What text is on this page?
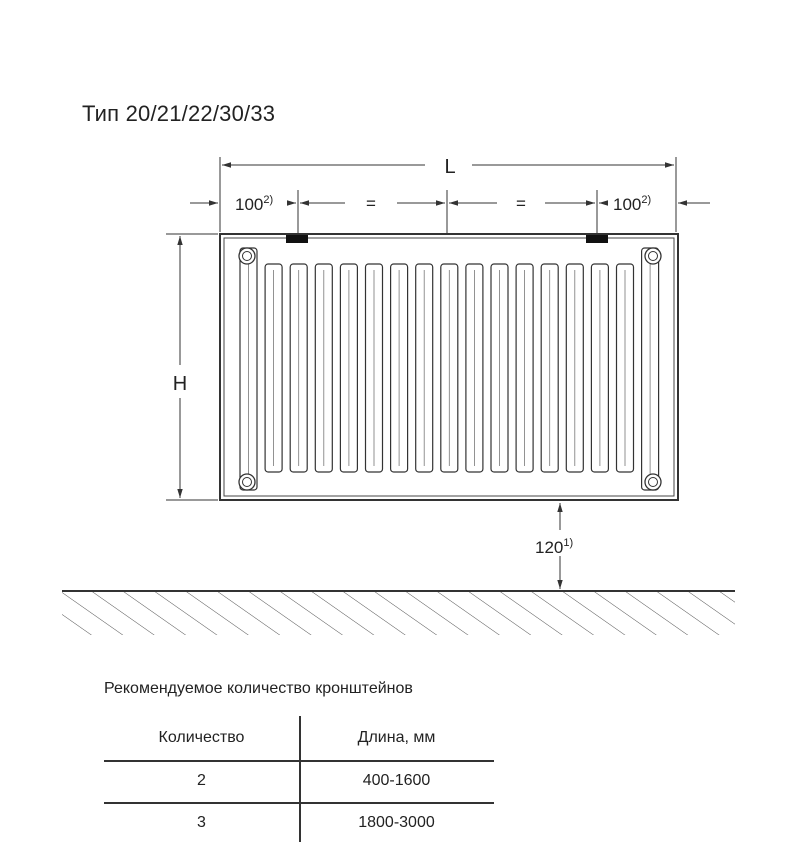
Тип 20/21/22/30/33
L
$100^{2)}$	=	=	$100^{2)}$
H
120$^{1)}$
Рекомендуемое количество кронштейнов
Количество	Длина, мм
2	400-1600
3	1800-3000
